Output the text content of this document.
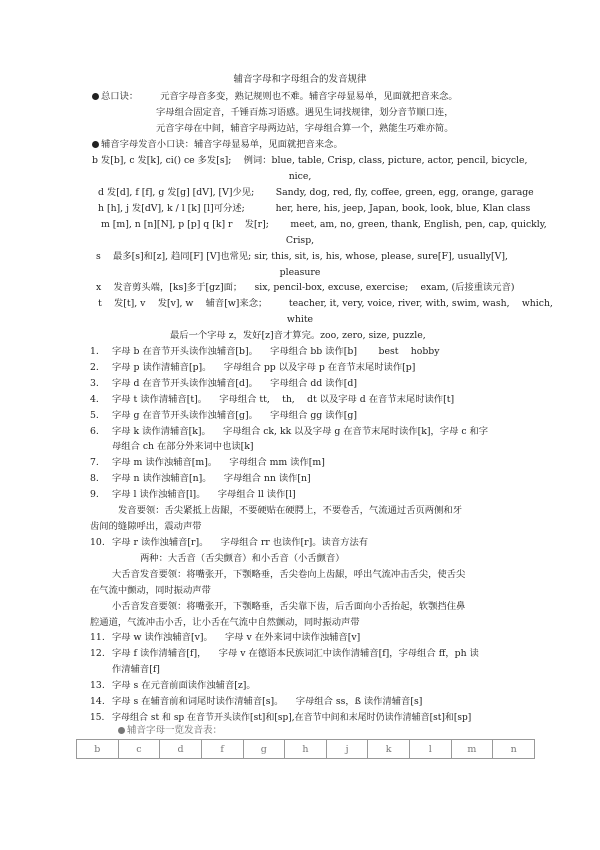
辅音字母和字母组合的发音规律
总口诀： 元音字母音多变，熟记规则也不难。辅音字母显易单，见面就把音来念。
字母组合固定音，千锤百炼习语感。遇见生词找规律，划分音节顺口连，
元音字母在中间，辅音字母两边站，字母组合算一个，熟能生巧难亦简。
辅音字母发音小口诀：辅音字母显易单，见面就把音来念。
b 发[b], c 发[k], ci() ce 多发[s]; 　例词：blue, table, Crisp, class, picture, actor, pencil, bicycle,
nice,
d 发[d], f [f], g 发[g] [dV], [V]少见; 　　Sandy, dog, red, fly, coffee, green, egg, orange, garage
h [h], j 发[dV], k / l [k] [l]可分述; 　　　her, here, his, jeep, Japan, book, look, blue, Klan class
m [m], n [n][N], p [p] q [k] r 　发[r]; 　　meet, am, no, green, thank, English, pen, cap, quickly,
Crisp,
s 　最多[s]和[z], 趋同[F] [V]也常见; sir, this, sit, is, his, whose, please, sure[F], usually[V],
pleasure
x 　发音剪头端，[ks]多于[gz]面； 　six, pencil-box, excuse, exercise; 　exam, (后接重读元音)
t 　发[t], v 　发[v], w 　辅音[w]来念； 　　teacher, it, very, voice, river, with, swim, wash, 　which,
white
最后一个字母 z，发好[z]音才算完。zoo, zero, size, puzzle,
1. 字母 b 在音节开头读作浊辅音[b]。 　字母组合 bb 读作[b] 　　best 　hobby
2. 字母 p 读作清辅音[p]。 　字母组合 pp 以及字母 p 在音节末尾时读作[p]
3. 字母 d 在音节开头读作浊辅音[d]。 　字母组合 dd 读作[d]
4. 字母 t 读作清辅音[t]。 　字母组合 tt, 　th, 　dt 以及字母 d 在音节末尾时读作[t]
5. 字母 g 在音节开头读作浊辅音[g]。 　字母组合 gg 读作[g]
6. 字母 k 读作清辅音[k]。 　字母组合 ck, kk 以及字母 g 在音节末尾时读作[k]，字母 c 和字
母组合 ch 在部分外来词中也读[k]
7. 字母 m 读作浊辅音[m]。 　字母组合 mm 读作[m]
8. 字母 n 读作浊辅音[n]。 　字母组合 nn 读作[n]
9. 字母 l 读作浊辅音[l]。 　字母组合 ll 读作[l]
发音要领：舌尖紧抵上齿龈，不要硬贴在硬腭上，不要卷舌，气流通过舌页两侧和牙
齿间的缝隙呼出，震动声带
10. 字母 r 读作浊辅音[r]。 　字母组合 rr 也读作[r]。读音方法有
两种：大舌音（舌尖颤音）和小舌音（小舌颤音）
大舌音发音要领：将嘴张开，下颚略垂，舌尖卷向上齿龈，呼出气流冲击舌尖，使舌尖
在气流中颤动，同时振动声带
小舌音发音要领：将嘴张开，下颚略垂，舌尖靠下齿，后舌面向小舌抬起，软颚挡住鼻
腔通道，气流冲击小舌，让小舌在气流中自然颤动，同时振动声带
11. 字母 w 读作浊辅音[v]。 　字母 v 在外来词中读作浊辅音[v]
12. 字母 f 读作清辅音[f]， 　字母 v 在德语本民族词汇中读作清辅音[f]，字母组合 ff，ph 读
作清辅音[f]
13. 字母 s 在元音前面读作浊辅音[z]。
14. 字母 s 在辅音前和词尾时读作清辅音[s]。 　字母组合 ss，ß 读作清辅音[s]
15. 字母组合 st 和 sp 在音节开头读作[st]和[sp],在音节中间和末尾时仍读作清辅音[st]和[sp]
辅音字母一览发音表：
b	c	d	f	g	h	j	k	l	m	n
